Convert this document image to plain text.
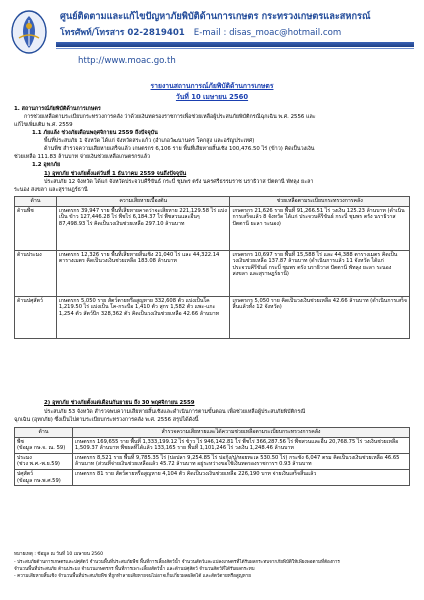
ศูนย์ติดตามและแก้ไขปัญหาภัยพิบัติด้านการเกษตร กระทรวงเกษตรและสหกรณ์
โทรศัพท์/โทรสาร 02-2819401 E-mail : disas_moac@hotmail.com
http://www.moac.go.th
รายงานสถานการณ์ภัยพิบัติด้านการเกษตร
วันที่ 10 เมษายน 2560
1. สถานการณ์ภัยพิบัติด้านการเกษตร
การช่วยเหลือตามระเบียบกระทรวงการคลัง ว่าด้วยเงินทดรองราชการเพื่อช่วยเหลือผู้ประสบภัยพิบัติกรณีฉุกเฉิน พ.ศ. 2556 และ
แก้ไขเพิ่มเติม พ.ศ. 2559
1.1 ภัยแล้ง ช่วงภัยเดือนพฤศจิกายน 2559 ถึงปัจจุบัน
พื้นที่ประสบภัย 1 จังหวัด ได้แก่ จังหวัดสระแก้ว (อำเภอวัฒนานคร โคกสูง และอรัญประเทศ)
ด้านพืช สำรวจความเสียหายเสร็จแล้ว เกษตรกร 6,106 ราย พื้นที่เสียหายสิ้นเชิง 100,476.50 ไร่ (ข้าว) คิดเป็นวงเงิน
ช่วยเหลือ 111.83 ล้านบาท จ่ายเงินช่วยเหลือเกษตรกรแล้ว
1.2 อุทกภัย
1) อุทกภัย ช่วงภัยตั้งแต่วันที่ 1 ธันวาคม 2559 จนถึงปัจจุบัน
ประสบภัย 12 จังหวัด ได้แก่ จังหวัดประจวบคีรีขันธ์ กระบี่ ชุมพร ตรัง นครศรีธรรมราช นราธิวาส ปัตตานี พัทลุง ยะลา
ระนอง สงขลา และสุราษฎร์ธานี
ด้าน	ความเสียหายเบื้องต้น	ช่วยเหลือตามระเบียบกระทรวงการคลัง
ด้านพืช	เกษตรกร 39,947 ราย พื้นที่เสียหายคาดว่าจะเสียหาย 221,129.58 ไร่ แบ่งเป็น ข้าว 127,446.28 ไร่ พืชไร่ 6,184.37 ไร่ พืชสวนและอื่นๆ 87,498.93 ไร่ คิดเป็นวงเงินช่วยเหลือ 297.10 ล้านบาท	เกษตรกร 21,626 ราย พื้นที่ 91,266.51 ไร่ วงเงิน 125.23 ล้านบาท (ดำเนินการเสร็จแล้ว 8 จังหวัด ได้แก่ ประจวบคีรีขันธ์ กระบี่ ชุมพร ตรัง นราธิวาส ปัตตานี ยะลา ระนอง)
ด้านประมง	เกษตรกร 12,326 ราย พื้นที่เสียหายสิ้นเชิง 21,040 ไร่ และ 44,322.14 ตารางเมตร คิดเป็นวงเงินช่วยเหลือ 183.08 ล้านบาท	เกษตรกร 10,697 ราย พื้นที่ 15,588 ไร่ และ 44,388 ตารางเมตร คิดเป็นวงเงินช่วยเหลือ 137.87 ล้านบาท (ดำเนินการแล้ว 11 จังหวัด ได้แก่ ประจวบคีรีขันธ์ กระบี่ ชุมพร ตรัง นราธิวาส ปัตตานี พัทลุง ยะลา ระนอง สงขลา และสุราษฎร์ธานี)
ด้านปศุสัตว์	เกษตรกร 5,050 ราย สัตว์ตายหรือสูญหาย 332,608 ตัว แบ่งเป็นโค 1,219.50 ไร่ แบ่งเป็น โค-กระบือ 1,410 ตัว สุกร 1,582 ตัว แพะ-แกะ 1,254 ตัว สัตว์ปีก 328,362 ตัว คิดเป็นวงเงินช่วยเหลือ 42.66 ล้านบาท	เกษตรกร 5,050 ราย คิดเป็นวงเงินช่วยเหลือ 42.66 ล้านบาท (ดำเนินการเสร็จสิ้นแล้วทั้ง 12 จังหวัด)
2) อุทกภัย ช่วงภัยตั้งแต่เดือนกันยายน ถึง 30 พฤศจิกายน 2559
ประสบภัย 53 จังหวัด สำรวจพบความเสียหายสิ้นเชิงและดำเนินการตามขั้นตอน เพื่อช่วยเหลือผู้ประสบภัยพิบัติกรณี
ฉุกเฉิน (อุทกภัย) ซึ่งเป็นไปตามระเบียบกระทรวงการคลัง พ.ศ. 2556 สรุปได้ดังนี้
ด้าน	สำรวจความเสียหายและได้ความช่วยเหลือตามระเบียบกระทรวงการคลัง

พืช
(ข้อมูล กษ.จ. ณ. 59)	เกษตรกร 169,655 ราย พื้นที่ 1,333,199.12 ไร่ ข้าว ไร่ 946,142.81 ไร่ พืชไร่ 366,287.56 ไร่ พืชสวนและอื่น 20,768.75 ไร่ วงเงินช่วยเหลือ 1,509.37 ล้านบาท พืชผลที่ได้แล้ว 133,165 ราย พื้นที่ 1,101,246 ไร่ วงเงิน 1,248.46 ล้านบาท

ประมง
(ช่วง พ.ศ.-พ.ย.59)	เกษตรกร 8,521 ราย พื้นที่ 9,785.35 ไร่ (บ่อปลา 9,254.85 ไร่ บ่อกุ้ง/ปู/หอยทะเล 530.50 ไร่) กระชัง 6,047 ตรม คิดเป็นวงเงินช่วยเหลือ 46.65 ล้านบาท (ส่วนที่จ่ายเงินช่วยเหลือแล้ว 45.72 ล้านบาท อยู่ระหว่างขอใช้เงินทดรองราชการฯ 0.93 ล้านบาท

ปศุสัตว์
(ข้อมูล กษ.พ.ศ.59)	เกษตรกร 81 ราย สัตว์ตายหรือสูญหาย 4,104 ตัว คิดเป็นวงเงินช่วยเหลือ 226,190 บาท จ่ายเงินเสร็จสิ้นแล้ว
หมายเหตุ : ข้อมูล ณ วันที่ 10 เมษายน 2560
- ประสบภัยด้านการเกษตรและปศุสัตว์ จำนวนพื้นที่ประสบภัยพืช พื้นที่การเลี้ยงสัตว์น้ำ จำนวนสัตว์และแปลงเกษตรที่ได้รับผลกระทบจากภัยพิบัติให้เพียงพอตามที่ต้องการ
จำนวนพื้นที่ประสบภัย ด้านประมง จำนวนเกษตรกร พื้นที่การเพาะเลี้ยงสัตว์น้ำ และด้านปศุสัตว์ จำนวนสัตว์ที่ได้รับผลกระทบ
- ความเสียหายสิ้นเชิง จำนวนพื้นที่ประสบภัยพืช ที่ถูกทำลายเสียหายจนไม่อาจเก็บเกี่ยวผลผลิตได้ และสัตว์ตายหรือสูญหาย
